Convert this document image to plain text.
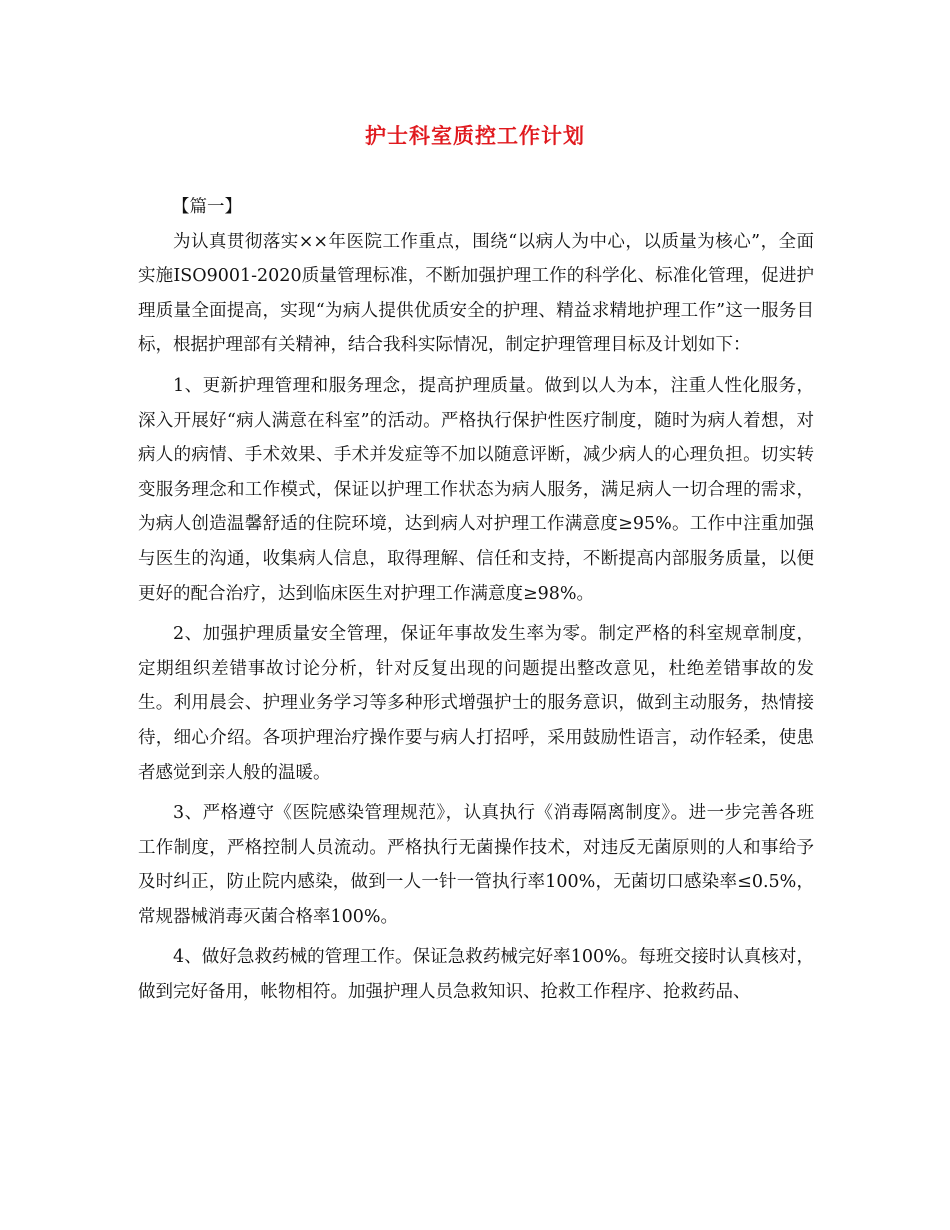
护士科室质控工作计划

【篇一】

为认真贯彻落实××年医院工作重点，围绕“以病人为中心，以质量为核心”，全面实施ISO9001-2020质量管理标准，不断加强护理工作的科学化、标准化管理，促进护理质量全面提高，实现“为病人提供优质安全的护理、精益求精地护理工作”这一服务目标，根据护理部有关精神，结合我科实际情况，制定护理管理目标及计划如下：

1、更新护理管理和服务理念，提高护理质量。做到以人为本，注重人性化服务，深入开展好“病人满意在科室”的活动。严格执行保护性医疗制度，随时为病人着想，对病人的病情、手术效果、手术并发症等不加以随意评断，减少病人的心理负担。切实转变服务理念和工作模式，保证以护理工作状态为病人服务，满足病人一切合理的需求，为病人创造温馨舒适的住院环境，达到病人对护理工作满意度≥95%。工作中注重加强与医生的沟通，收集病人信息，取得理解、信任和支持，不断提高内部服务质量，以便更好的配合治疗，达到临床医生对护理工作满意度≥98%。

2、加强护理质量安全管理，保证年事故发生率为零。制定严格的科室规章制度，定期组织差错事故讨论分析，针对反复出现的问题提出整改意见，杜绝差错事故的发生。利用晨会、护理业务学习等多种形式增强护士的服务意识，做到主动服务，热情接待，细心介绍。各项护理治疗操作要与病人打招呼，采用鼓励性语言，动作轻柔，使患者感觉到亲人般的温暖。

3、严格遵守《医院感染管理规范》，认真执行《消毒隔离制度》。进一步完善各班工作制度，严格控制人员流动。严格执行无菌操作技术，对违反无菌原则的人和事给予及时纠正，防止院内感染，做到一人一针一管执行率100%，无菌切口感染率≤0.5%，常规器械消毒灭菌合格率100%。

4、做好急救药械的管理工作。保证急救药械完好率100%。每班交接时认真核对，做到完好备用，帐物相符。加强护理人员急救知识、抢救工作程序、抢救药品、
